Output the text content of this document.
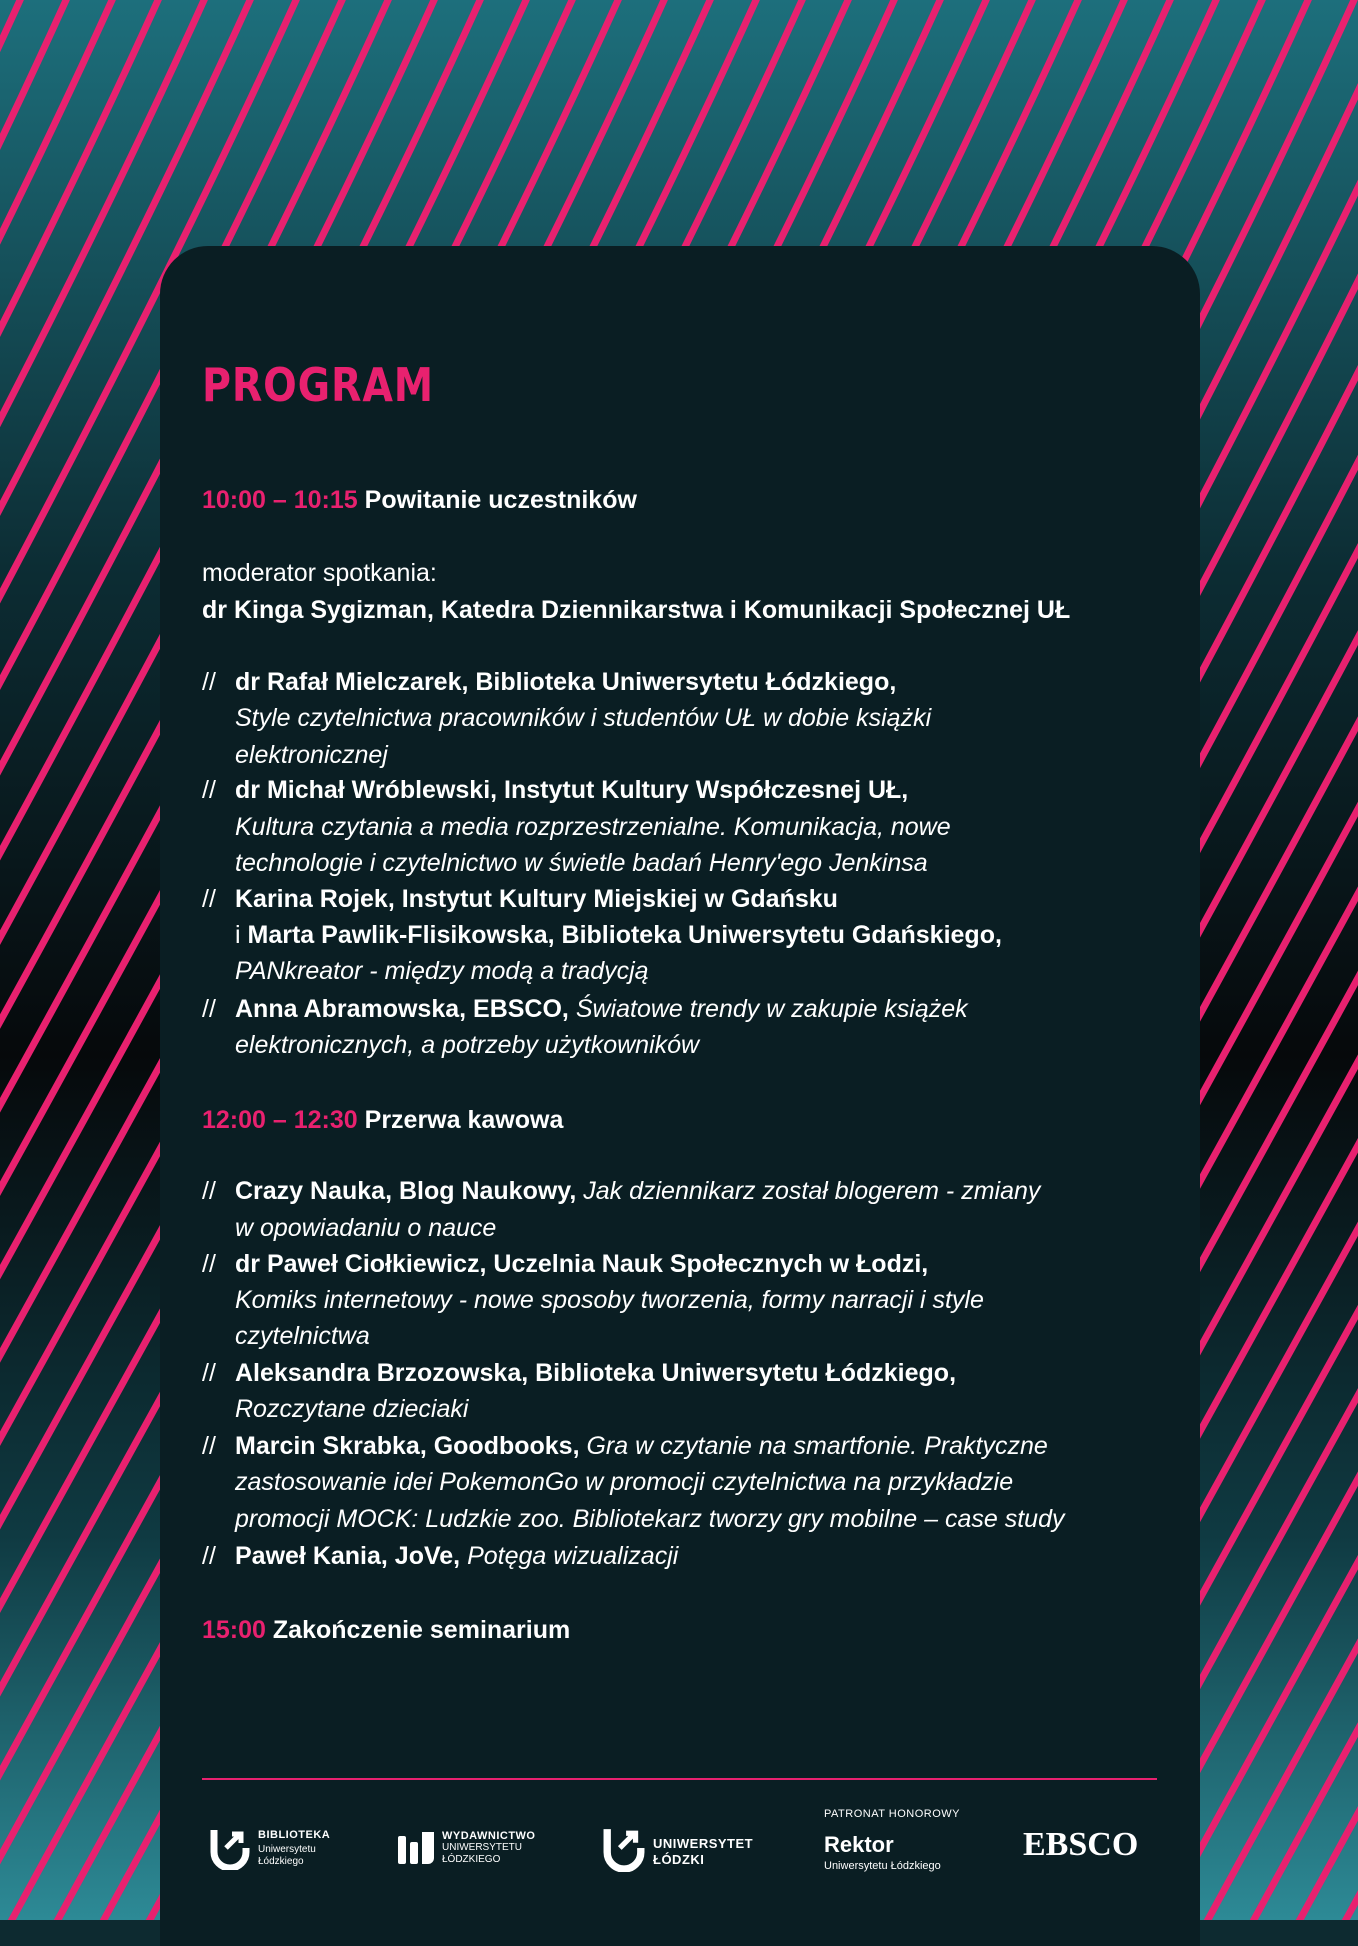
PROGRAM
10:00 – 10:15 Powitanie uczestników
moderator spotkania:
dr Kinga Sygizman, Katedra Dziennikarstwa i Komunikacji Społecznej UŁ
// dr Rafał Mielczarek, Biblioteka Uniwersytetu Łódzkiego,
Style czytelnictwa pracowników i studentów UŁ w dobie książki
elektronicznej
// dr Michał Wróblewski, Instytut Kultury Współczesnej UŁ,
Kultura czytania a media rozprzestrzenialne. Komunikacja, nowe
technologie i czytelnictwo w świetle badań Henry'ego Jenkinsa
// Karina Rojek, Instytut Kultury Miejskiej w Gdańsku
i Marta Pawlik-Flisikowska, Biblioteka Uniwersytetu Gdańskiego,
PANkreator - między modą a tradycją
// Anna Abramowska, EBSCO, Światowe trendy w zakupie książek
elektronicznych, a potrzeby użytkowników
12:00 – 12:30 Przerwa kawowa
// Crazy Nauka, Blog Naukowy, Jak dziennikarz został blogerem - zmiany
w opowiadaniu o nauce
// dr Paweł Ciołkiewicz, Uczelnia Nauk Społecznych w Łodzi,
Komiks internetowy - nowe sposoby tworzenia, formy narracji i style
czytelnictwa
// Aleksandra Brzozowska, Biblioteka Uniwersytetu Łódzkiego,
Rozczytane dzieciaki
// Marcin Skrabka, Goodbooks, Gra w czytanie na smartfonie. Praktyczne
zastosowanie idei PokemonGo w promocji czytelnictwa na przykładzie
promocji MOCK: Ludzkie zoo. Bibliotekarz tworzy gry mobilne – case study
// Paweł Kania, JoVe, Potęga wizualizacji
15:00 Zakończenie seminarium
BIBLIOTEKA
Uniwersytetu
Łódzkiego
WYDAWNICTWO
UNIWERSYTETU
ŁÓDZKIEGO
UNIWERSYTET
ŁÓDZKI
PATRONAT HONOROWY
Rektor
Uniwersytetu Łódzkiego
EBSCO
